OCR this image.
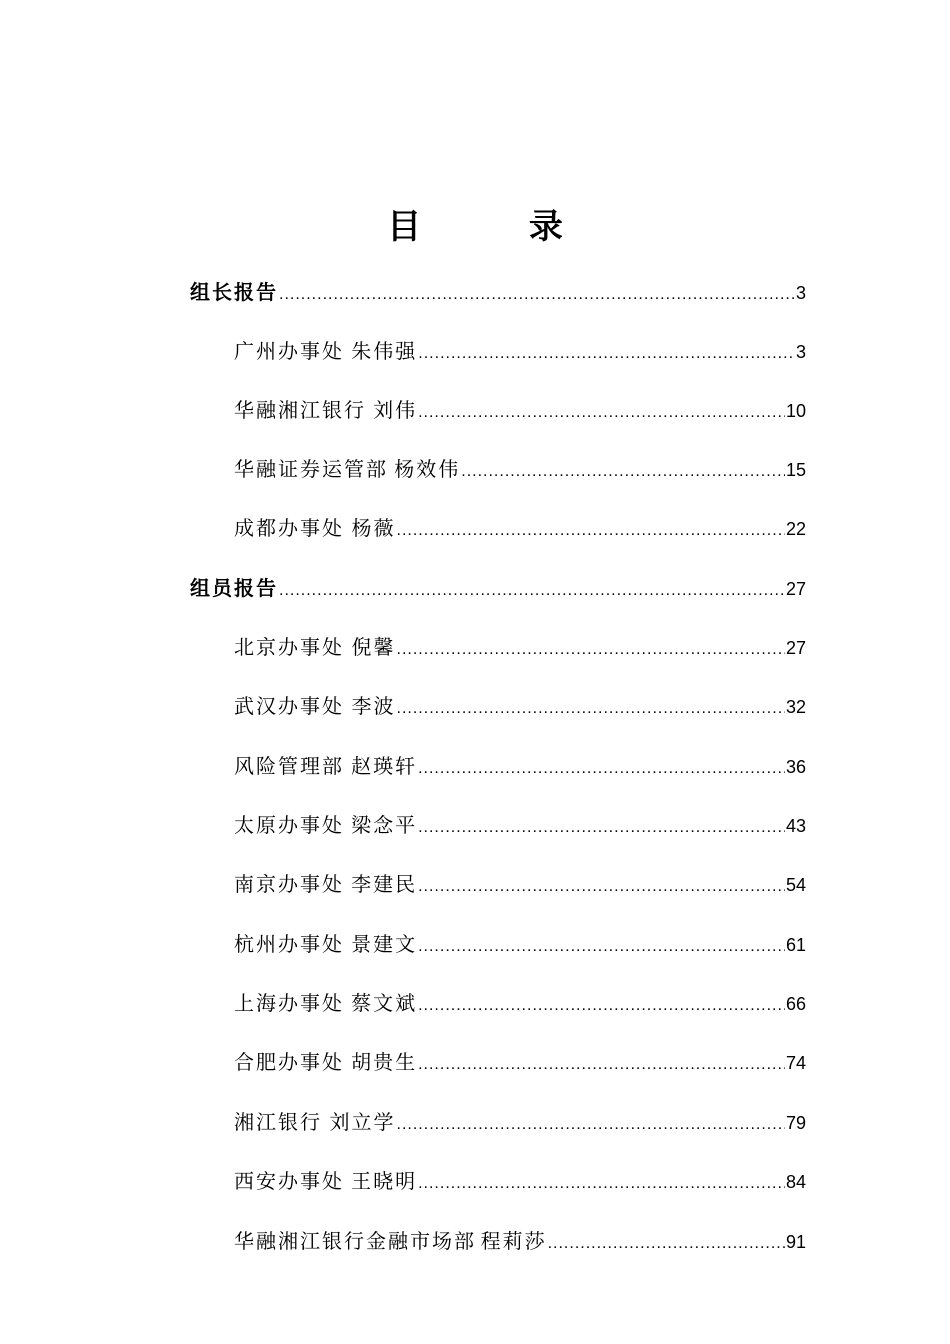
目 录
组长报告 .....	3
广州办事处 朱伟强 .....	3
华融湘江银行 刘伟 .....	10
华融证券运管部 杨效伟 .....	15
成都办事处 杨薇 .....	22
组员报告 .....	27
北京办事处 倪馨 .....	27
武汉办事处 李波 .....	32
风险管理部 赵瑛轩 .....	36
太原办事处 梁念平 .....	43
南京办事处 李建民 .....	54
杭州办事处 景建文 .....	61
上海办事处 蔡文斌 .....	66
合肥办事处 胡贵生 .....	74
湘江银行 刘立学 .....	79
西安办事处 王晓明 .....	84
华融湘江银行金融市场部 程莉莎 .....	91
